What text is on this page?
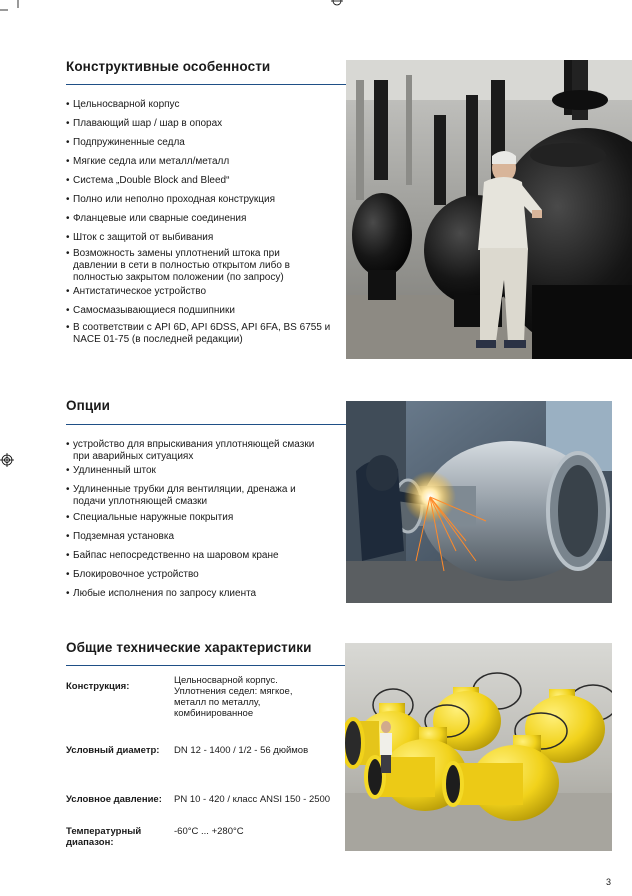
Конструктивные особенности
• Цельносварной корпус
• Плавающий шар / шар в опорах
• Подпружиненные седла
• Мягкие седла или металл/металл
• Система „Double Block and Bleed“
• Полно или неполно проходная конструкция
• Фланцевые или сварные соединения
• Шток с защитой от выбивания
• Возможность замены уплотнений штока при давлении в сети в полностью открытом либо в полностью закрытом положении (по запросу)
• Антистатическое устройство
• Самосмазывающиеся подшипники
• В соответствии с API 6D, API 6DSS, API 6FA, BS 6755 и NACE 01-75 (в последней редакции)
Опции
• устройство для впрыскивания уплотняющей смазки при аварийных ситуациях
• Удлиненный шток
• Удлиненные трубки для вентиляции, дренажа и подачи уплотняющей смазки
• Специальные наружные покрытия
• Подземная установка
• Байпас непосредственно на шаровом кране
• Блокировочное устройство
• Любые исполнения по запросу клиента
Общие технические характеристики
Конструкция:
Цельносварной корпус.
Уплотнения седел: мягкое,
металл по металлу,
комбинированное
Условный диаметр: DN 12 - 1400 / 1/2 - 56 дюймов
Условное давление: PN 10 - 420 / класс ANSI 150 - 2500
Температурный
диапазон:
-60°C ... +280°C
3
